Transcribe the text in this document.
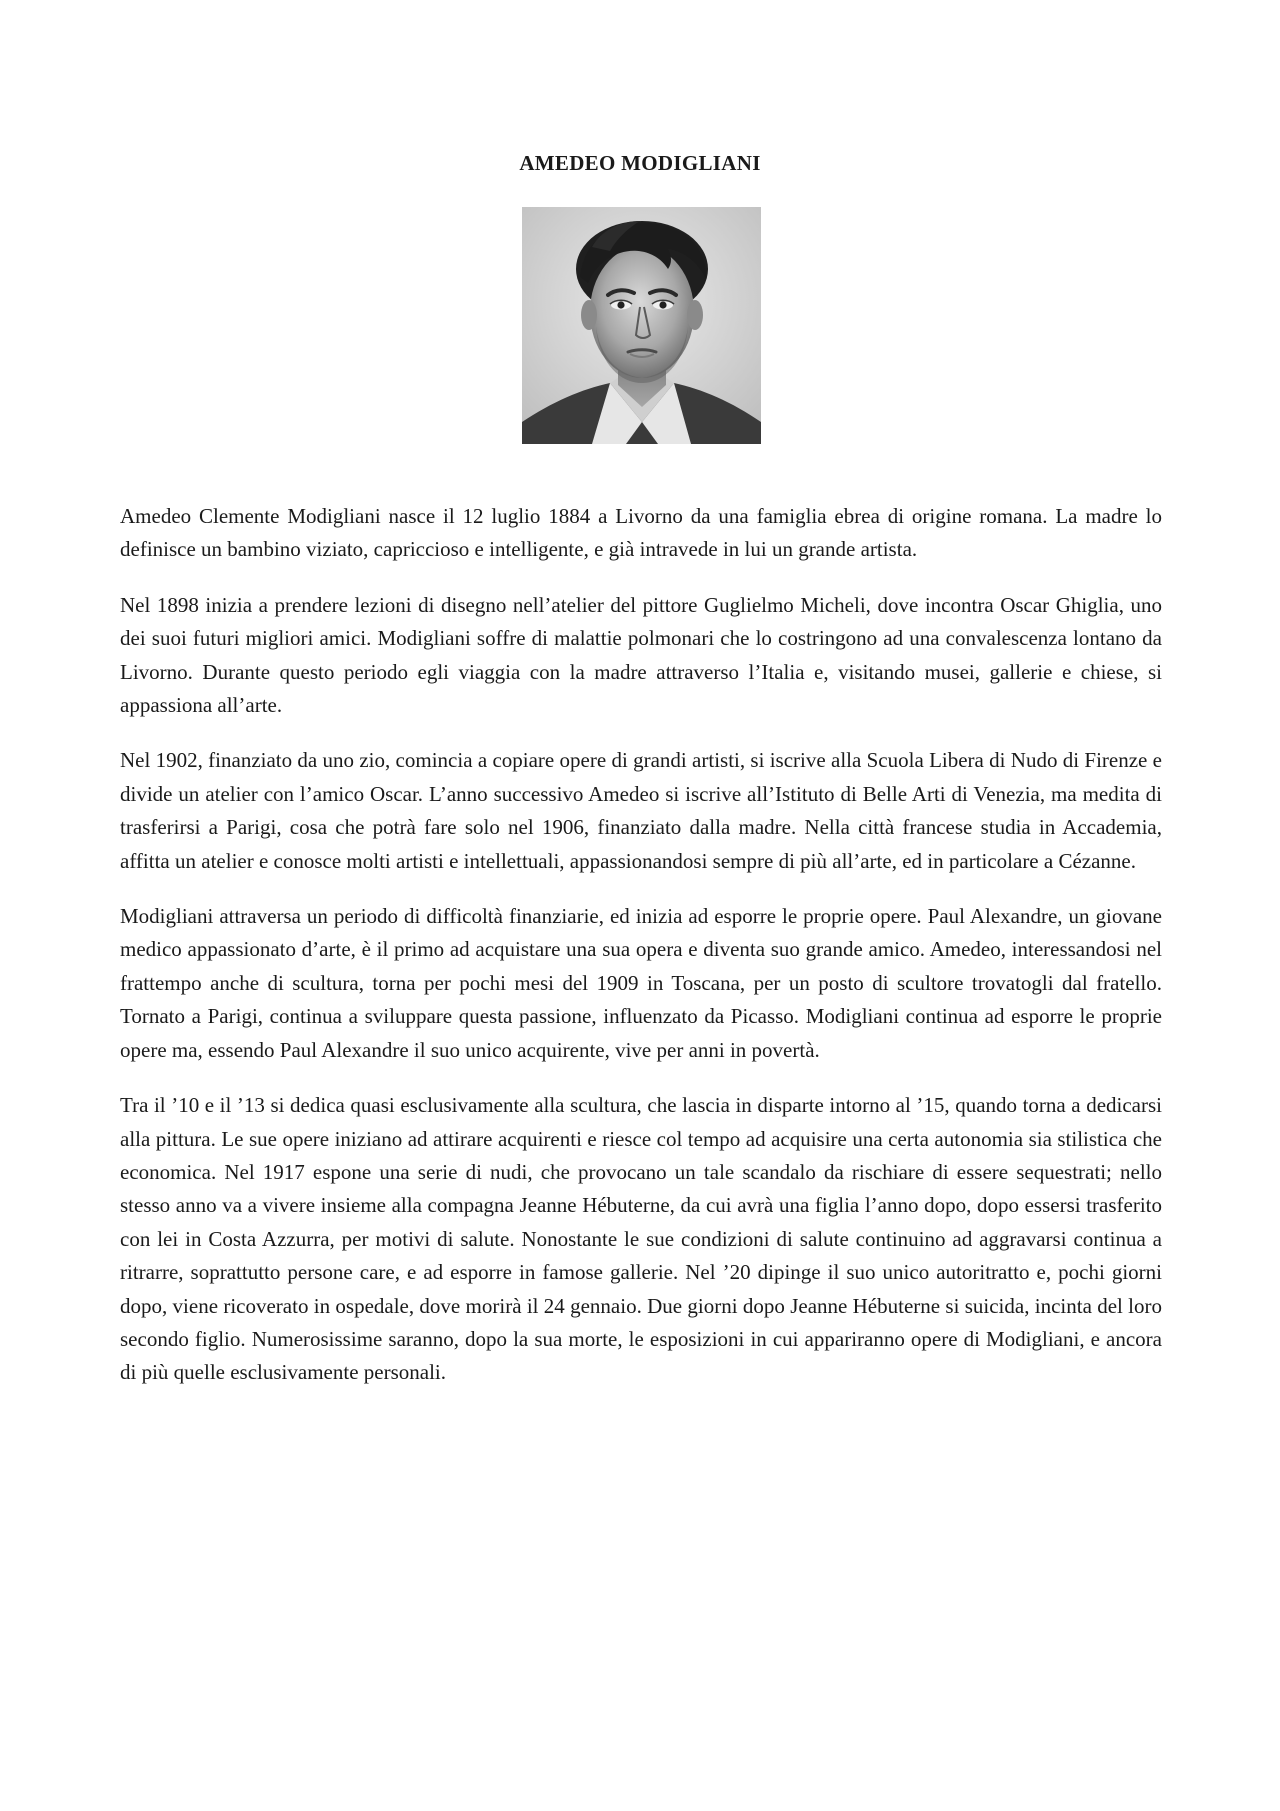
AMEDEO MODIGLIANI

Amedeo Clemente Modigliani nasce il 12 luglio 1884 a Livorno da una famiglia ebrea di origine romana. La madre lo definisce un bambino viziato, capriccioso e intelligente, e già intravede in lui un grande artista.

Nel 1898 inizia a prendere lezioni di disegno nell’atelier del pittore Guglielmo Micheli, dove incontra Oscar Ghiglia, uno dei suoi futuri migliori amici. Modigliani soffre di malattie polmonari che lo costringono ad una convalescenza lontano da Livorno. Durante questo periodo egli viaggia con la madre attraverso l’Italia e, visitando musei, gallerie e chiese, si appassiona all’arte.

Nel 1902, finanziato da uno zio, comincia a copiare opere di grandi artisti, si iscrive alla Scuola Libera di Nudo di Firenze e divide un atelier con l’amico Oscar. L’anno successivo Amedeo si iscrive all’Istituto di Belle Arti di Venezia, ma medita di trasferirsi a Parigi, cosa che potrà fare solo nel 1906, finanziato dalla madre. Nella città francese studia in Accademia, affitta un atelier e conosce molti artisti e intellettuali, appassionandosi sempre di più all’arte, ed in particolare a Cézanne.

Modigliani attraversa un periodo di difficoltà finanziarie, ed inizia ad esporre le proprie opere. Paul Alexandre, un giovane medico appassionato d’arte, è il primo ad acquistare una sua opera e diventa suo grande amico. Amedeo, interessandosi nel frattempo anche di scultura, torna per pochi mesi del 1909 in Toscana, per un posto di scultore trovatogli dal fratello. Tornato a Parigi, continua a sviluppare questa passione, influenzato da Picasso. Modigliani continua ad esporre le proprie opere ma, essendo Paul Alexandre il suo unico acquirente, vive per anni in povertà.

Tra il ’10 e il ’13 si dedica quasi esclusivamente alla scultura, che lascia in disparte intorno al ’15, quando torna a dedicarsi alla pittura. Le sue opere iniziano ad attirare acquirenti e riesce col tempo ad acquisire una certa autonomia sia stilistica che economica. Nel 1917 espone una serie di nudi, che provocano un tale scandalo da rischiare di essere sequestrati; nello stesso anno va a vivere insieme alla compagna Jeanne Hébuterne, da cui avrà una figlia l’anno dopo, dopo essersi trasferito con lei in Costa Azzurra, per motivi di salute. Nonostante le sue condizioni di salute continuino ad aggravarsi continua a ritrarre, soprattutto persone care, e ad esporre in famose gallerie. Nel ’20 dipinge il suo unico autoritratto e, pochi giorni dopo, viene ricoverato in ospedale, dove morirà il 24 gennaio. Due giorni dopo Jeanne Hébuterne si suicida, incinta del loro secondo figlio. Numerosissime saranno, dopo la sua morte, le esposizioni in cui appariranno opere di Modigliani, e ancora di più quelle esclusivamente personali.
